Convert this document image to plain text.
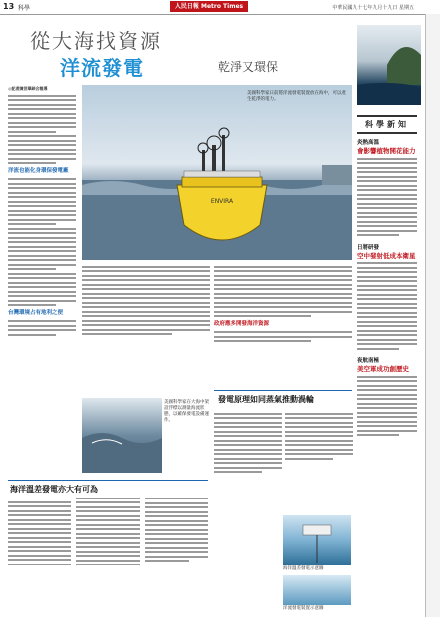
13 科學	人民日報 Metro Times	中華民國九十七年九月十九日 星期五
從大海找資源
洋流發電	乾淨又環保
◎記者陳世華綜合報導
洋流也能化身環保發電廠
台灣環境占有地利之便
ENVIRA
美國科學家日前將洋流發電裝置放在海中，可以產生乾淨的電力。
政府應多開發海洋資源
美國科學家在大海中架設浮標以測量海流狀態，以確保發電設備運作。
發電原理如同蒸氣推動渦輪
海洋溫差發電亦大有可為
海洋溫差發電示意圖
洋流發電裝置示意圖
科學新知
炎熱高溫
會影響植物開花能力
日將研發
空中發射低成本衛星
夜航南極
美空軍成功創歷史
